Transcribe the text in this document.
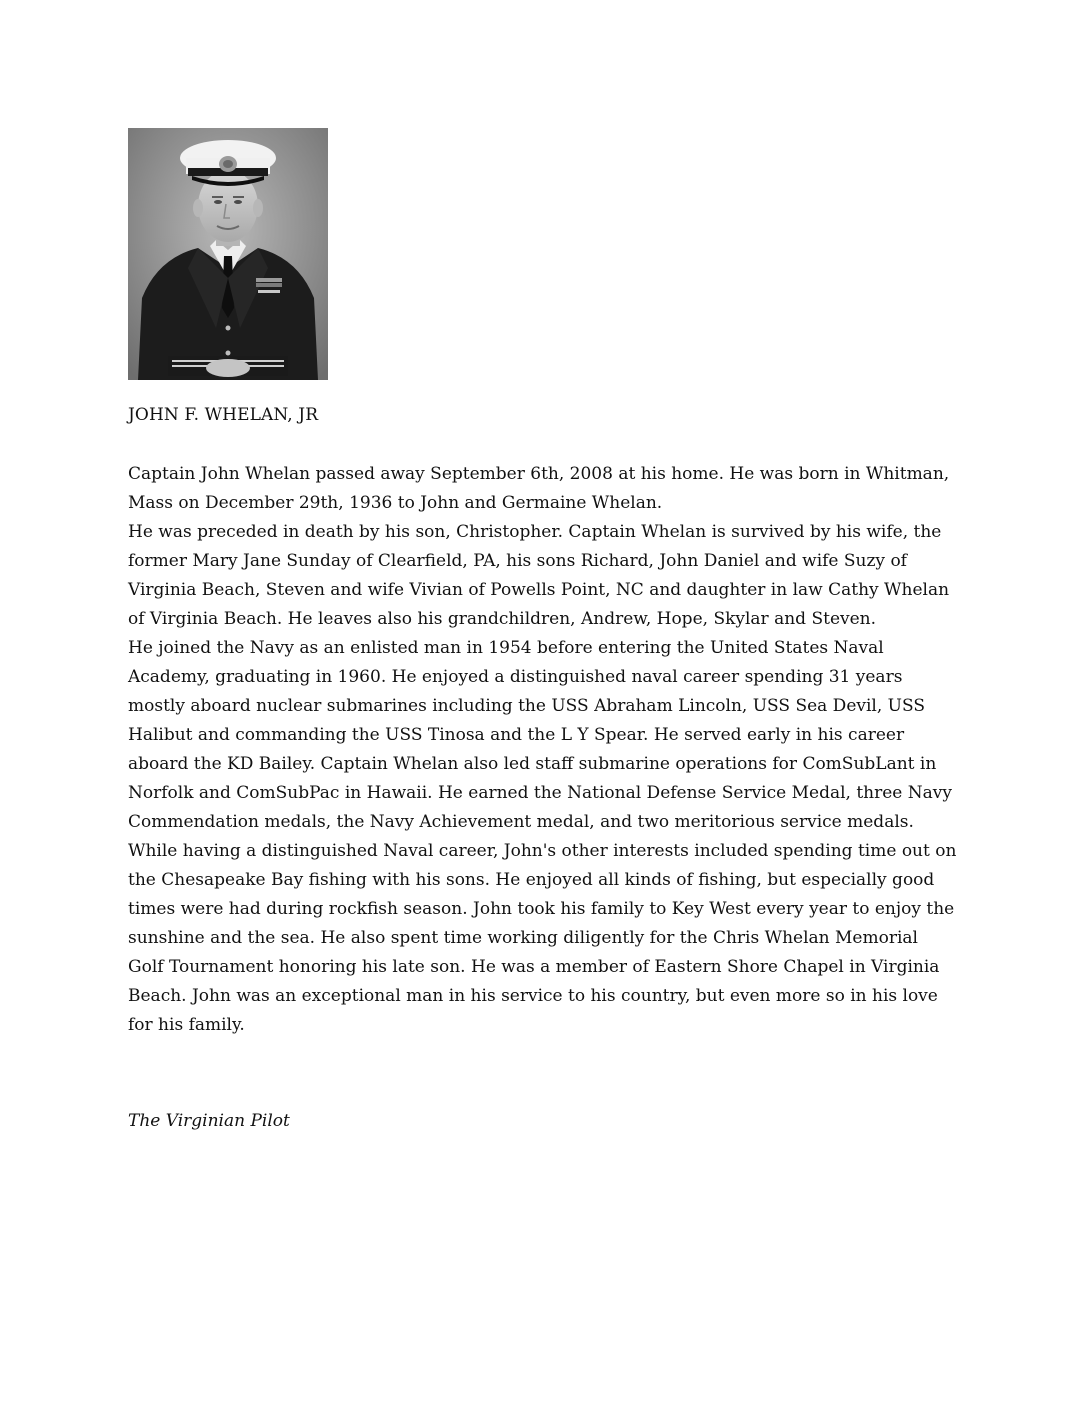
JOHN F. WHELAN, JR

Captain John Whelan passed away September 6th, 2008 at his home. He was born in Whitman, Mass on December 29th, 1936 to John and Germaine Whelan.

He was preceded in death by his son, Christopher. Captain Whelan is survived by his wife, the former Mary Jane Sunday of Clearfield, PA, his sons Richard, John Daniel and wife Suzy of Virginia Beach, Steven and wife Vivian of Powells Point, NC and daughter in law Cathy Whelan of Virginia Beach. He leaves also his grandchildren, Andrew, Hope, Skylar and Steven.

He joined the Navy as an enlisted man in 1954 before entering the United States Naval Academy, graduating in 1960. He enjoyed a distinguished naval career spending 31 years mostly aboard nuclear submarines including the USS Abraham Lincoln, USS Sea Devil, USS Halibut and commanding the USS Tinosa and the L Y Spear. He served early in his career aboard the KD Bailey. Captain Whelan also led staff submarine operations for ComSubLant in Norfolk and ComSubPac in Hawaii. He earned the National Defense Service Medal, three Navy Commendation medals, the Navy Achievement medal, and two meritorious service medals.

While having a distinguished Naval career, John's other interests included spending time out on the Chesapeake Bay fishing with his sons. He enjoyed all kinds of fishing, but especially good times were had during rockfish season. John took his family to Key West every year to enjoy the sunshine and the sea. He also spent time working diligently for the Chris Whelan Memorial Golf Tournament honoring his late son. He was a member of Eastern Shore Chapel in Virginia Beach. John was an exceptional man in his service to his country, but even more so in his love for his family.

The Virginian Pilot
